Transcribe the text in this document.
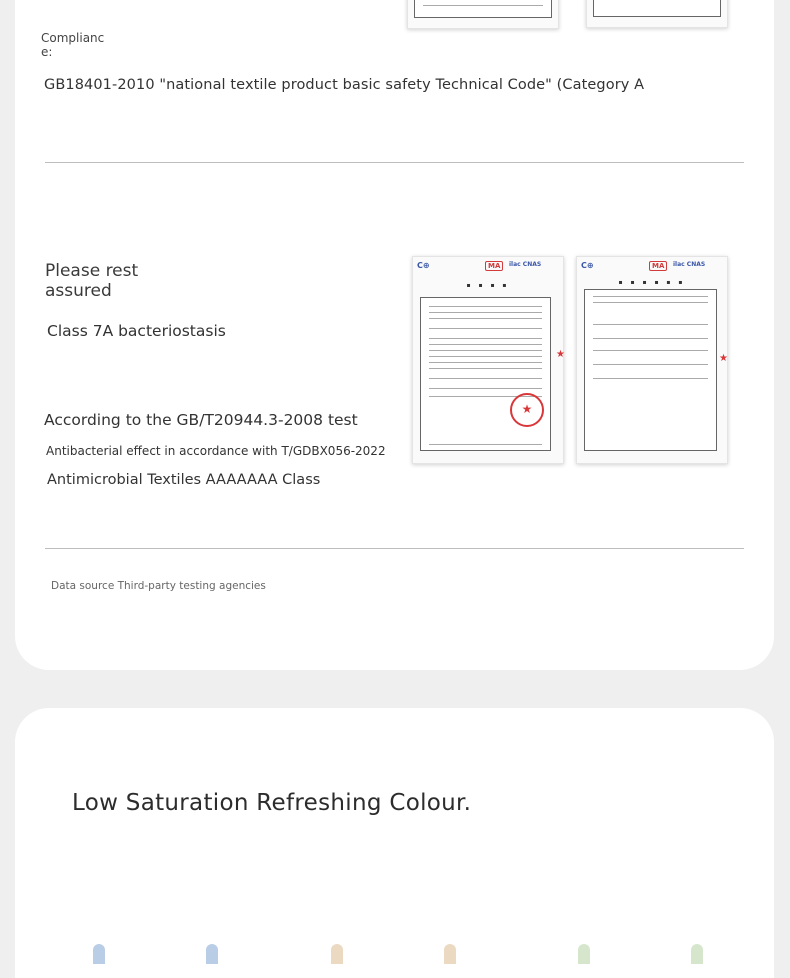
Compliance:
GB18401-2010 "national textile product basic safety Technical Code" (Category A
Please rest assured
Class 7A bacteriostasis
According to the GB/T20944.3-2008 test
Antibacterial effect in accordance with T/GDBX056-2022
Antimicrobial Textiles AAAAAAA Class
C⊕	MA	ilac CNAS
▪ ▪ ▪ ▪
★
★
C⊕	MA	ilac CNAS
▪ ▪ ▪ ▪ ▪ ▪
★
Data source Third-party testing agencies
Low Saturation Refreshing Colour.
